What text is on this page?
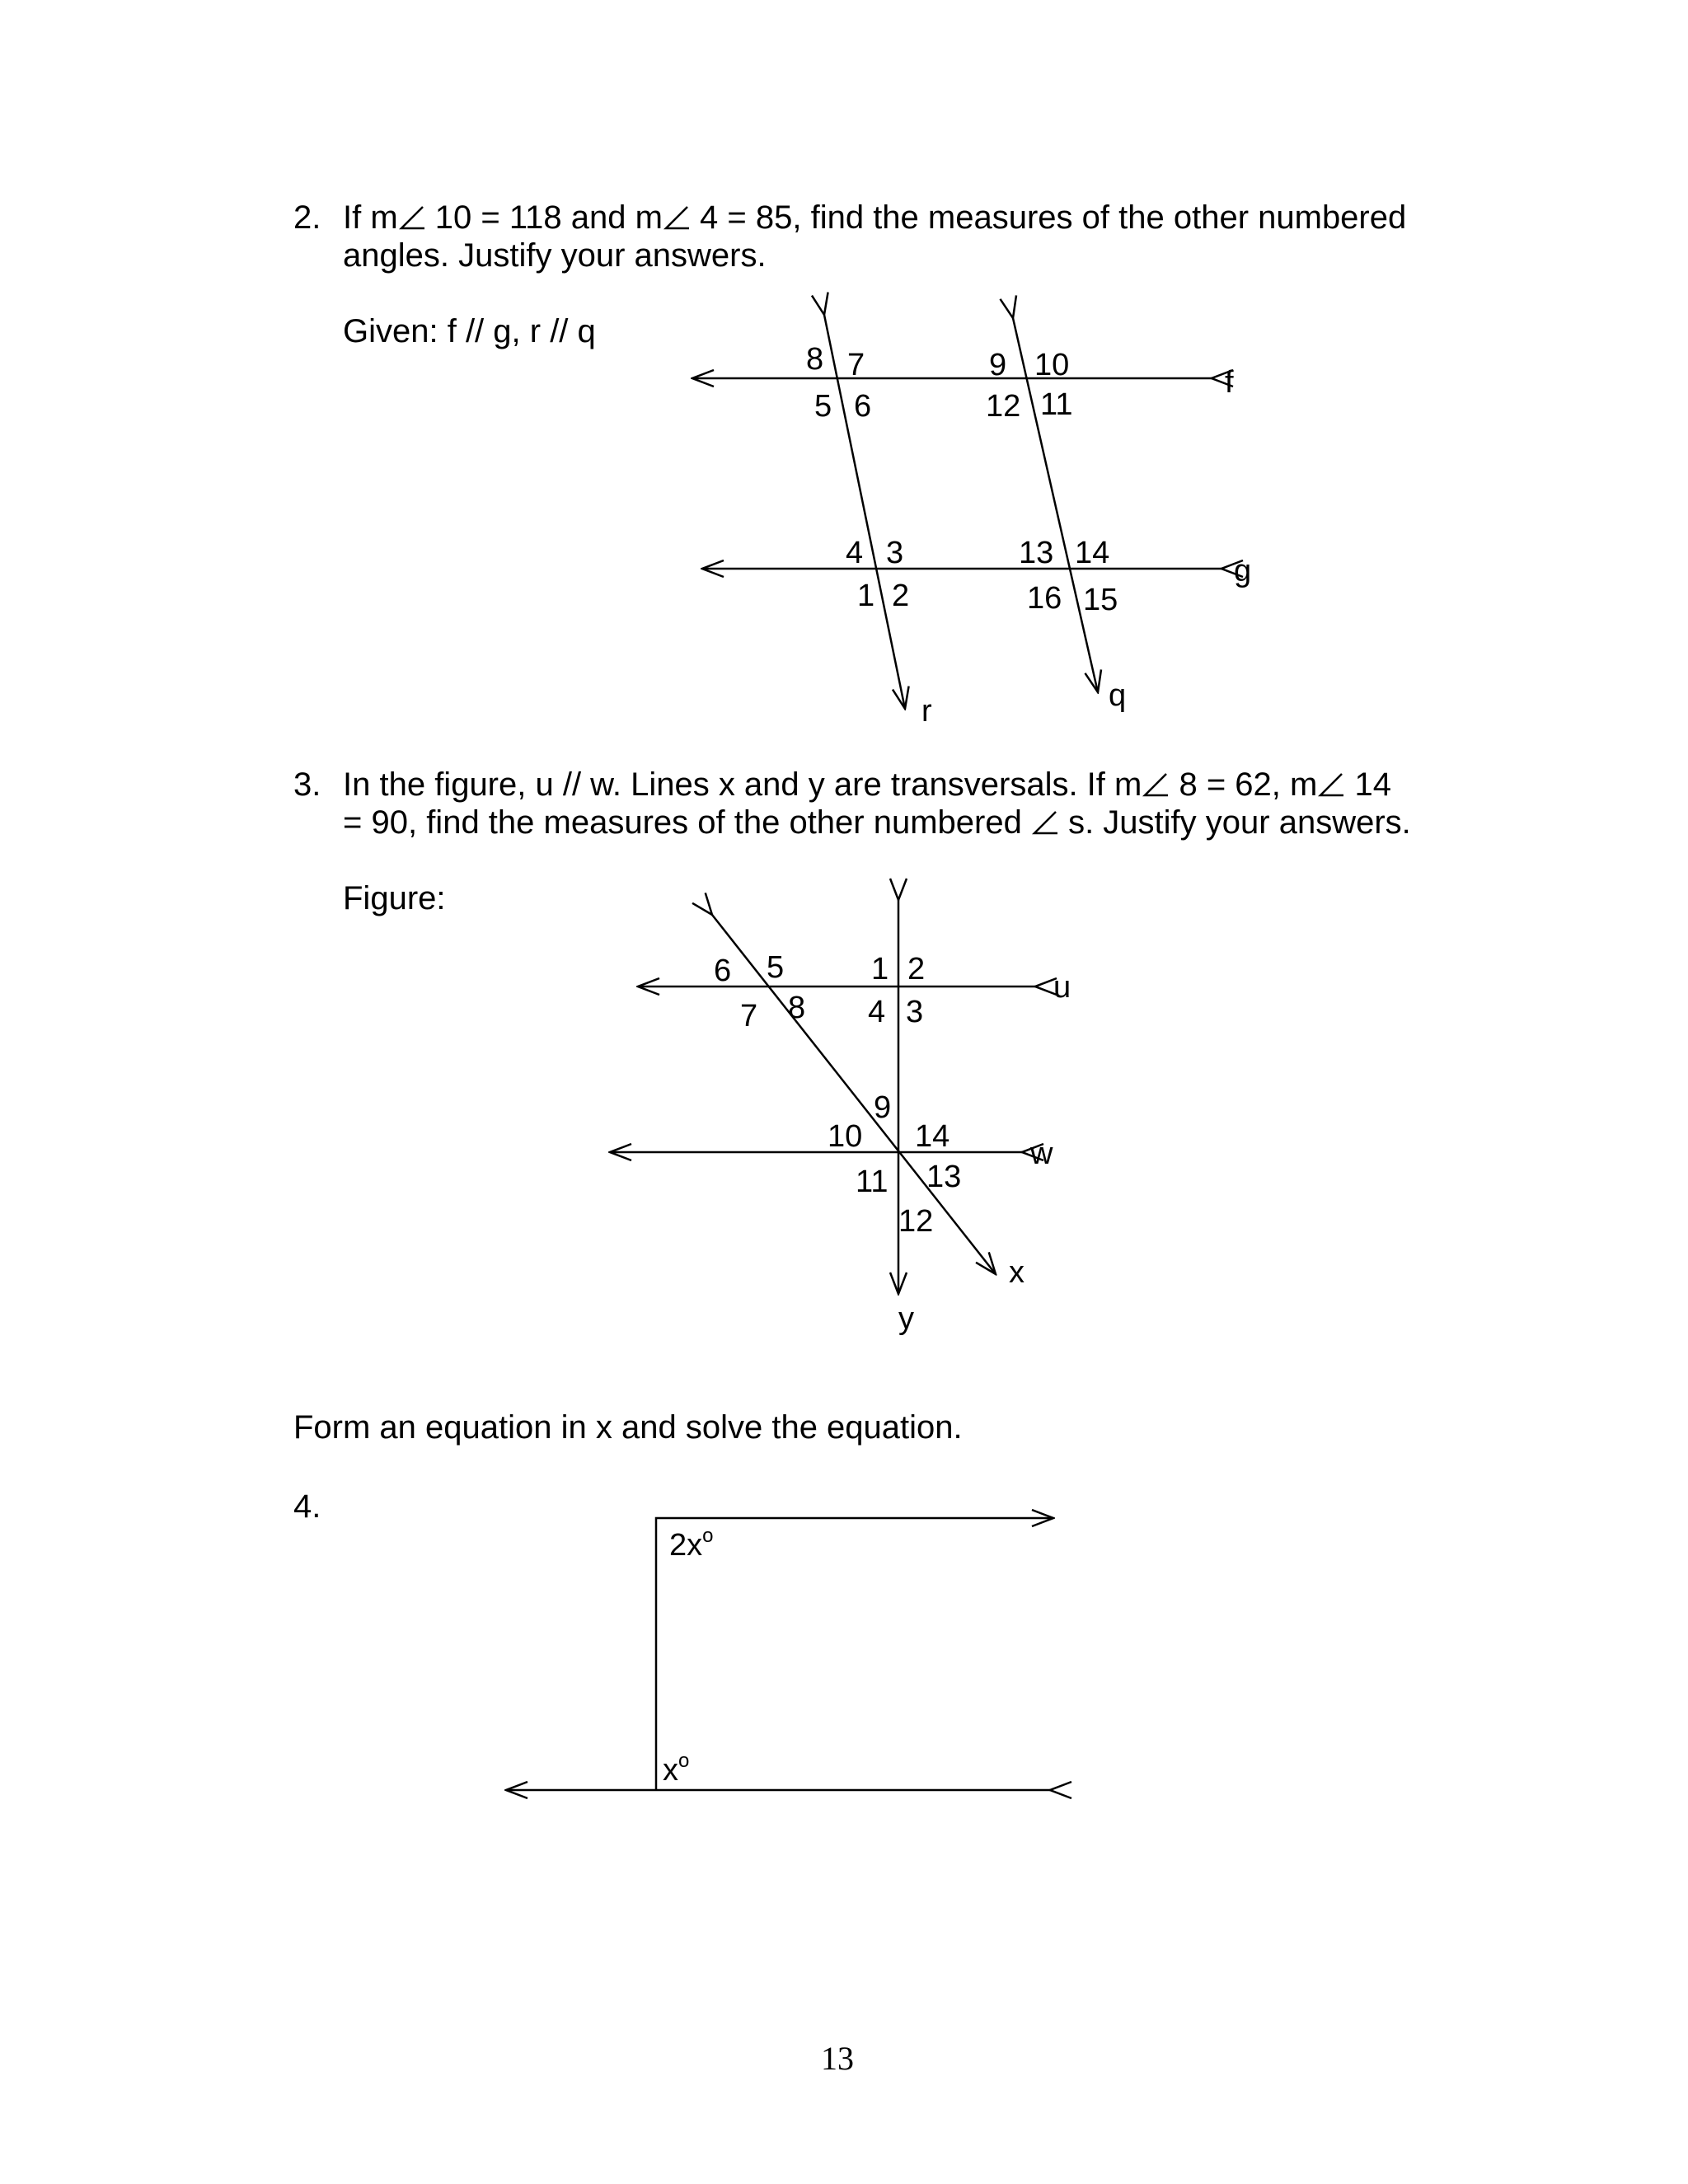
2. If m 10 = 118 and m 4 = 85, find the measures of the other numbered
angles. Justify your answers.
Given: f // g, r // q
3. In the figure, u // w. Lines x and y are transversals. If m 8 = 62, m 14
= 90, find the measures of the other numbered  s. Justify your answers.
Figure:
Form an equation in x and solve the equation.
4.
13
f
g
r	q
8 7
5 6
9 10
12 11
4 3
1 2
13 14
16 15
u
w
x
y
6 5
7 8
1 2
4 3
9
10 14
11 13
12
$2x^o$
$x^o$
